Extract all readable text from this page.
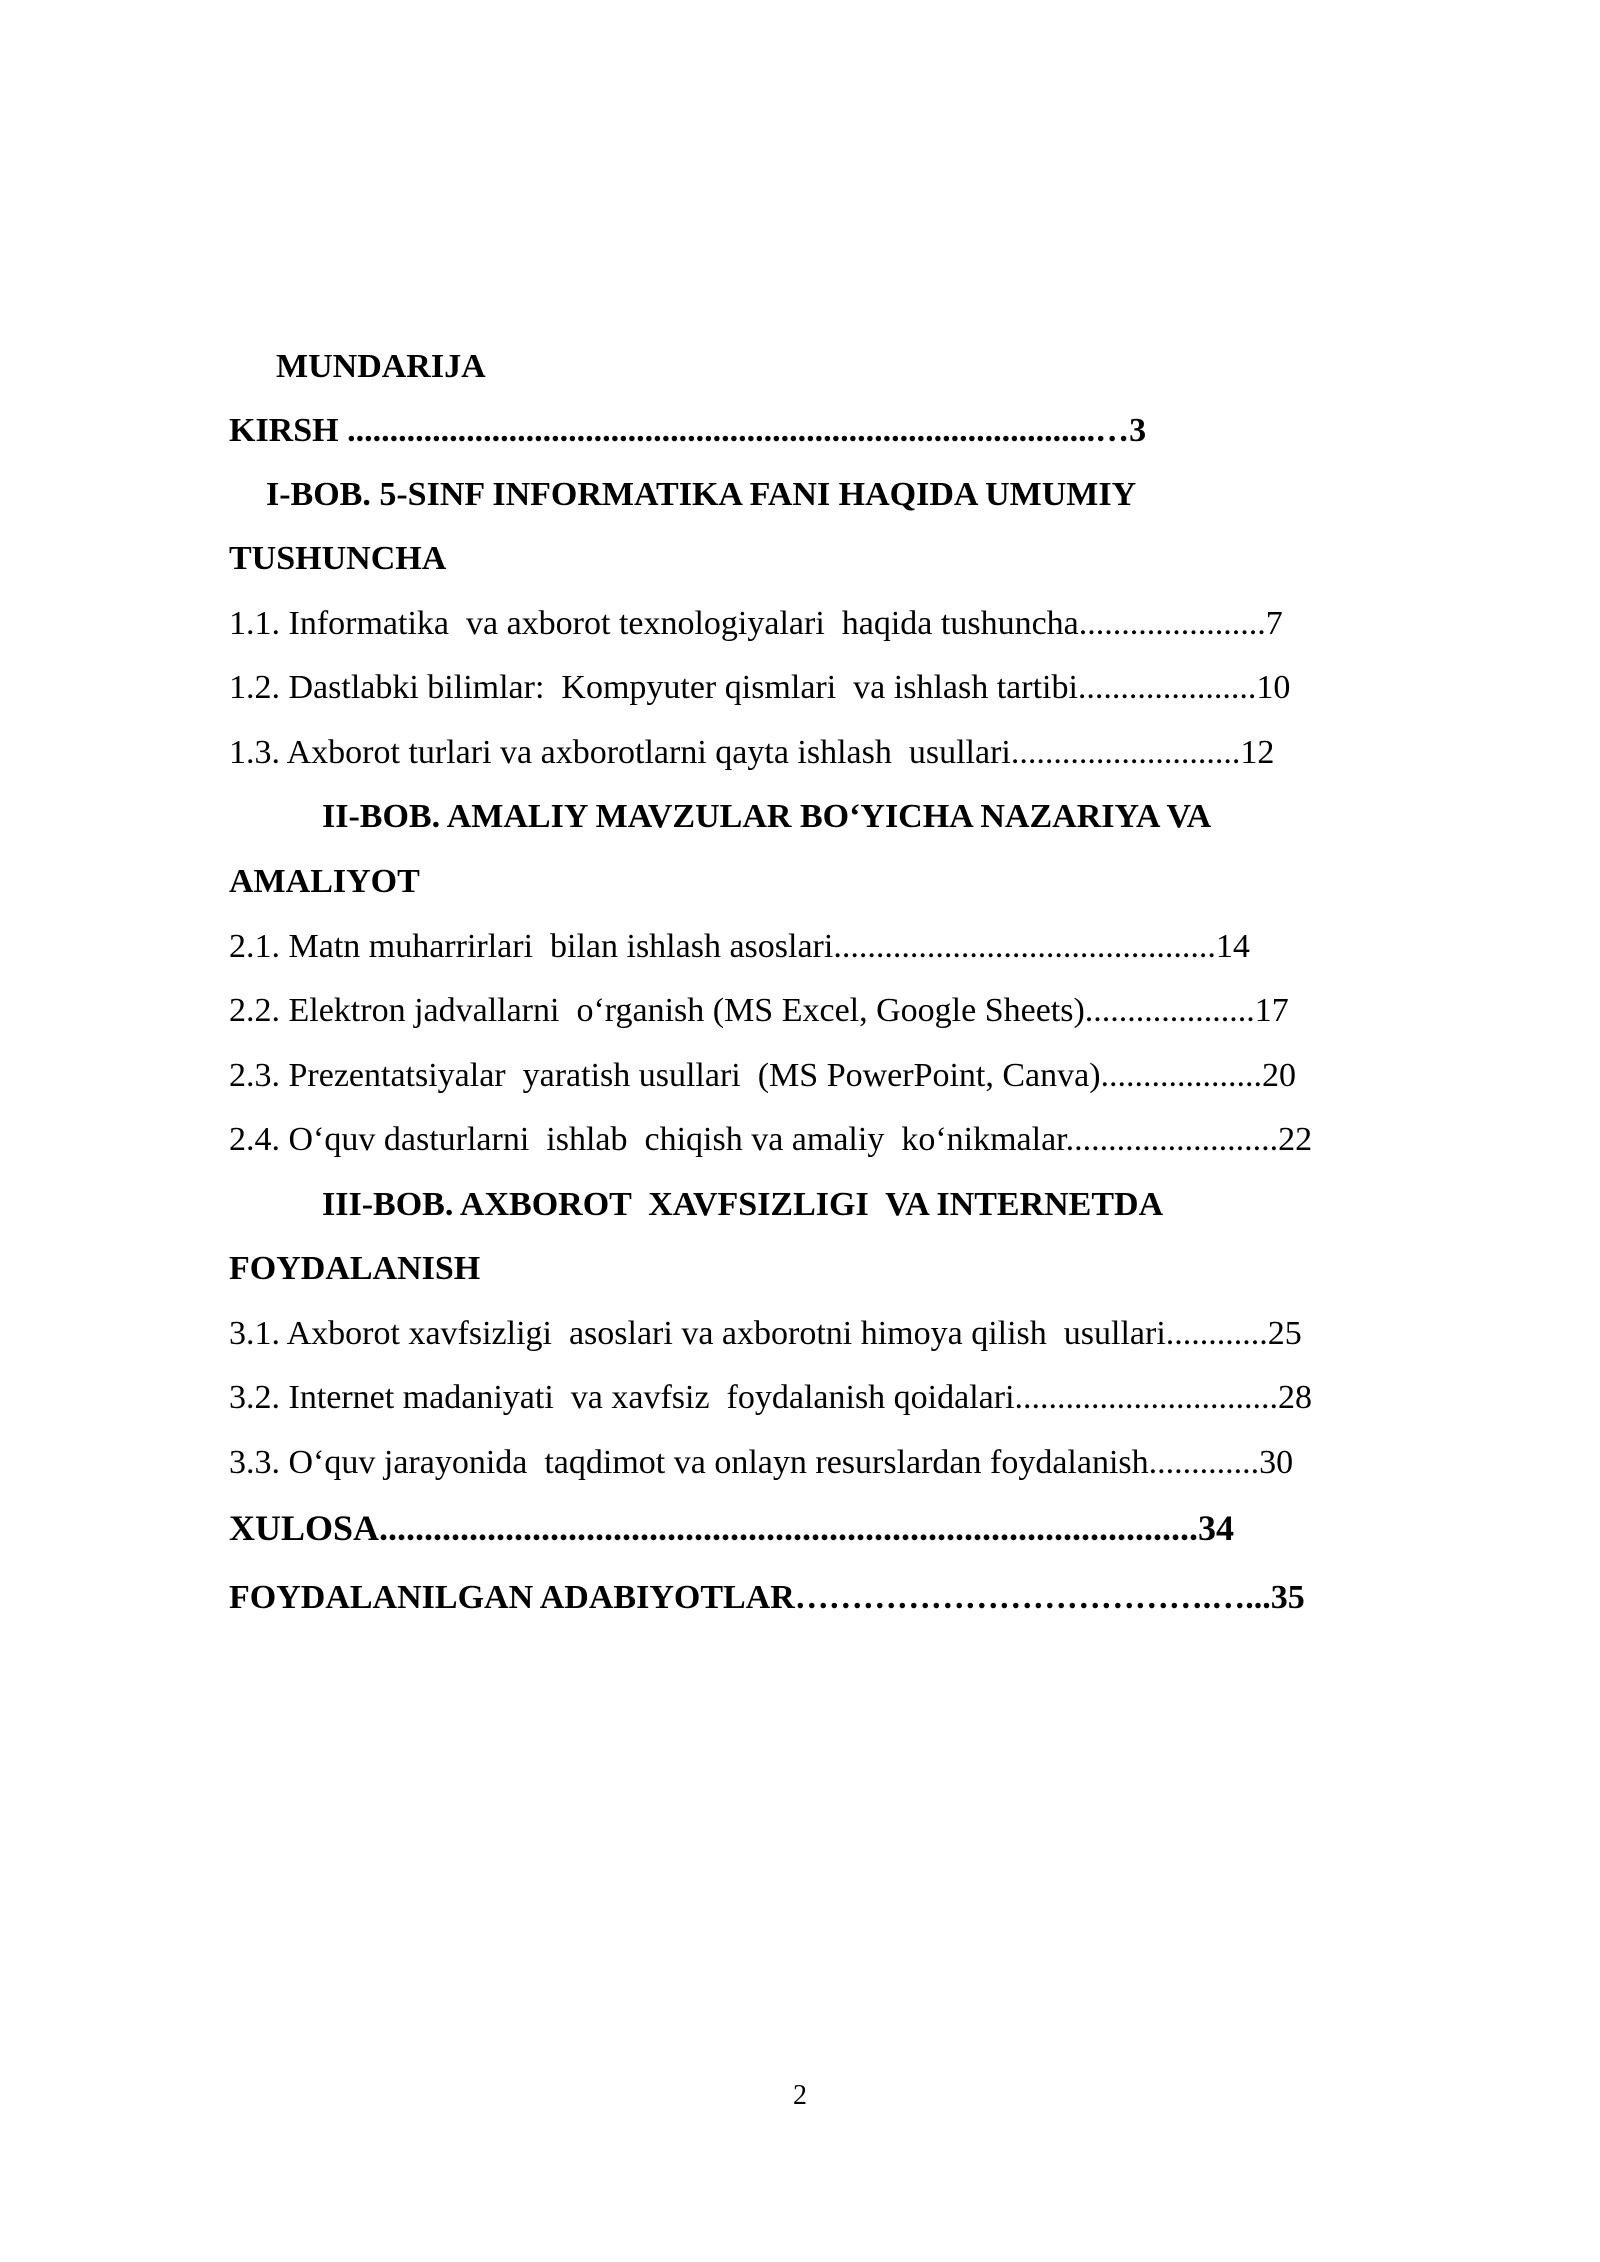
MUNDARIJA
KIRSH ........................................................................................…3
I-BOB. 5-SINF INFORMATIKA FANI HAQIDA UMUMIY
TUSHUNCHA
1.1. Informatika  va axborot texnologiyalari  haqida tushuncha......................7
1.2. Dastlabki bilimlar:  Kompyuter qismlari  va ishlash tartibi.....................10
1.3. Axborot turlari va axborotlarni qayta ishlash  usullari...........................12
II-BOB. AMALIY MAVZULAR BO‘YICHA NAZARIYA VA
AMALIYOT
2.1. Matn muharrirlari  bilan ishlash asoslari.............................................14
2.2. Elektron jadvallarni  o‘rganish (MS Excel, Google Sheets)....................17
2.3. Prezentatsiyalar  yaratish usullari  (MS PowerPoint, Canva)...................20
2.4. O‘quv dasturlarni  ishlab  chiqish va amaliy  ko‘nikmalar.........................22
III-BOB. AXBOROT  XAVFSIZLIGI  VA INTERNETDA
FOYDALANISH
3.1. Axborot xavfsizligi  asoslari va axborotni himoya qilish  usullari............25
3.2. Internet madaniyati  va xavfsiz  foydalanish qoidalari...............................28
3.3. O‘quv jarayonida  taqdimot va onlayn resurslardan foydalanish.............30
XULOSA...........................................................................................34
FOYDALANILGAN ADABIYOTLAR……………………………….…...35
2
